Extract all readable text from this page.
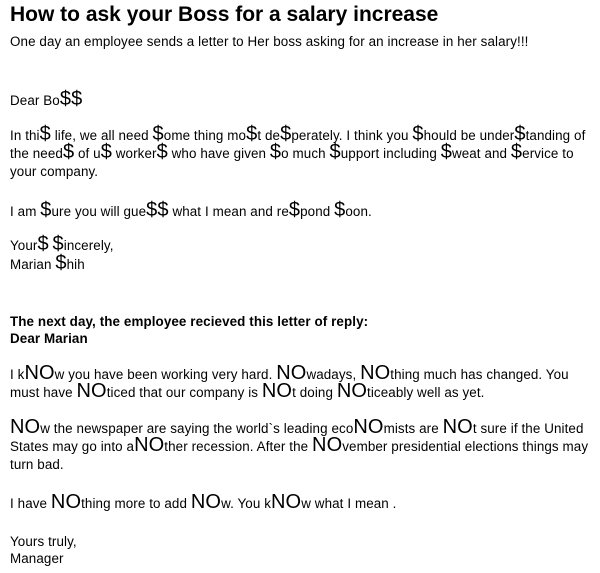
How to ask your Boss for a salary increase
One day an employee sends a letter to Her boss asking for an increase in her salary!!!
Dear Bo$$
In thi$ life, we all need $ome thing mo$t de$perately. I think you $hould be under$tanding of the need$ of u$ worker$ who have given $o much $upport including $weat and $ervice to your company.
I am $ure you will gue$$ what I mean and re$pond $oon.
Your$ $incerely,
Marian $hih
The next day, the employee recieved this letter of reply:
Dear Marian
I kNOw you have been working very hard. NOwadays, NOthing much has changed. You must have NOticed that our company is NOt doing NOticeably well as yet.
NOw the newspaper are saying the world`s leading ecoNOmists are NOt sure if the United States may go into aNOther recession. After the NOvember presidential elections things may turn bad.
I have NOthing more to add NOw. You kNOw what I mean .
Yours truly,
Manager
